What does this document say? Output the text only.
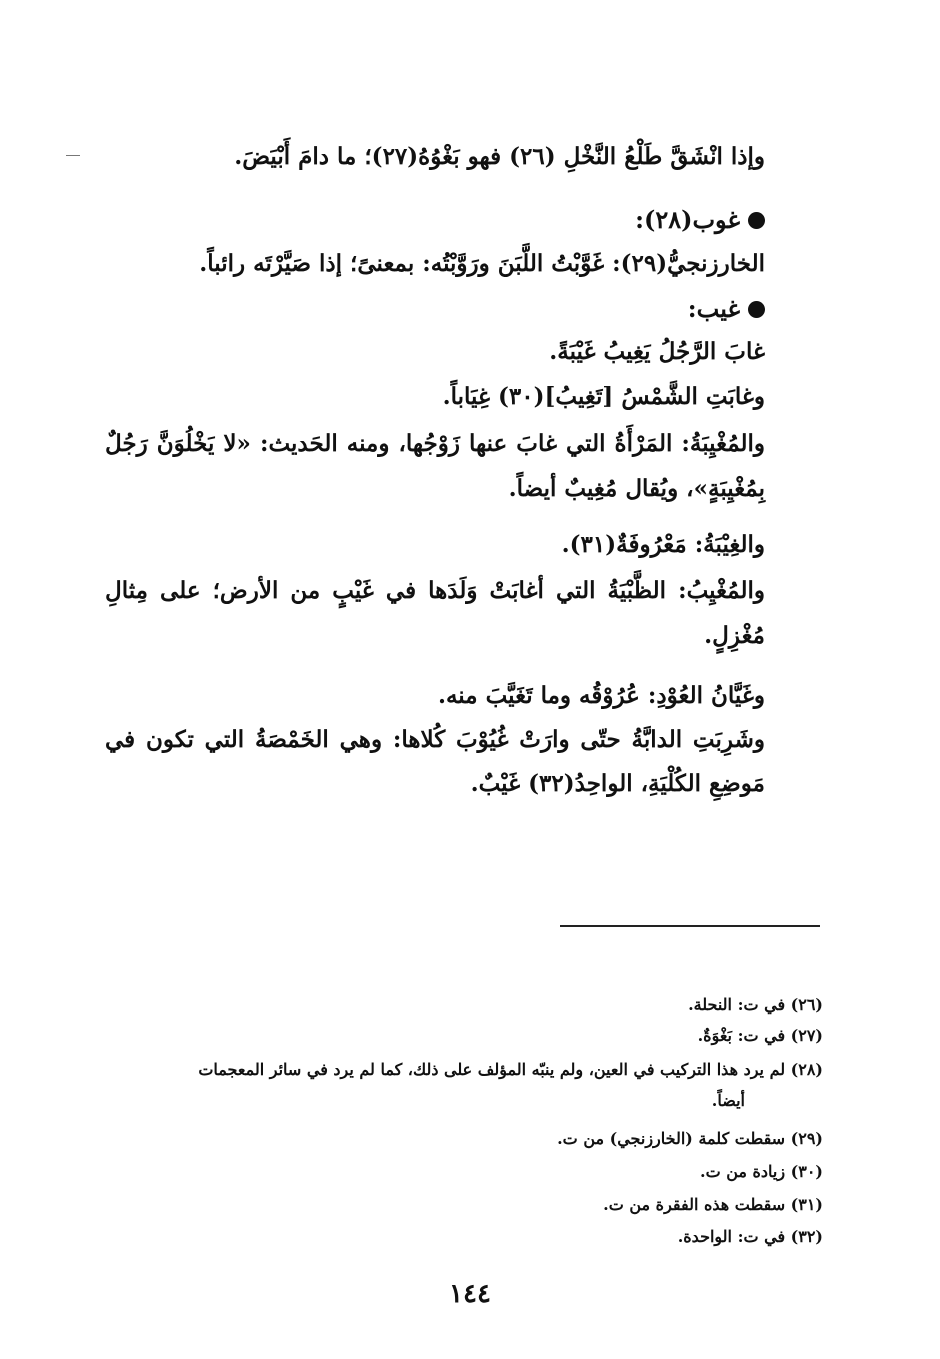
وإذا انْشَقَّ طَلْعُ النَّخْلِ (٢٦) فهو بَغْوُهُ(٢٧)؛ ما دامَ أَبْيَضَ.
غوب(٢٨):
الخارزنجيُّ(٢٩): غَوَّبْتُ اللَّبَنَ ورَوَّبْتُه: بمعنىً؛ إذا صَيَّرْتَه رائباً.
غيب:
غابَ الرَّجُلُ يَغِيبُ غَيْبَةً.
وغابَتِ الشَّمْسُ [تَغِيبُ](٣٠) غِيَاباً.
والمُغْيِبَةُ: المَرْأَةُ التي غابَ عنها زَوْجُها، ومنه الحَديث: «لا يَخْلُوَنَّ رَجُلٌ
بِمُغْيِبَةٍ»، ويُقال مُغِيبٌ أيضاً.
والغِيْبَةُ: مَعْرُوفَةٌ(٣١).
والمُغْيِبُ: الظَّبْيَةُ التي أغابَتْ وَلَدَها في غَيْبٍ من الأرض؛ على مِثالِ
مُغْزِلٍ.
وغَيَّانُ العُوْدِ: عُرُوْقُه وما تَغَيَّبَ منه.
وشَرِبَتِ الدابَّةُ حتّى وارَتْ غُيُوْبَ كُلاها: وهي الخَمْصَةُ التي تكون في
مَوضِعِ الكُلْيَةِ، الواحِدُ(٣٢) غَيْبٌ.
(٢٦) في ت: النحلة.
(٢٧) في ت: بَغْوَةٌ.
(٢٨) لم يرد هذا التركيب في العين، ولم ينبّه المؤلف على ذلك، كما لم يرد في سائر المعجمات
أيضاً.
(٢٩) سقطت كلمة (الخارزنجي) من ت.
(٣٠) زيادة من ت.
(٣١) سقطت هذه الفقرة من ت.
(٣٢) في ت: الواحدة.
١٤٤
